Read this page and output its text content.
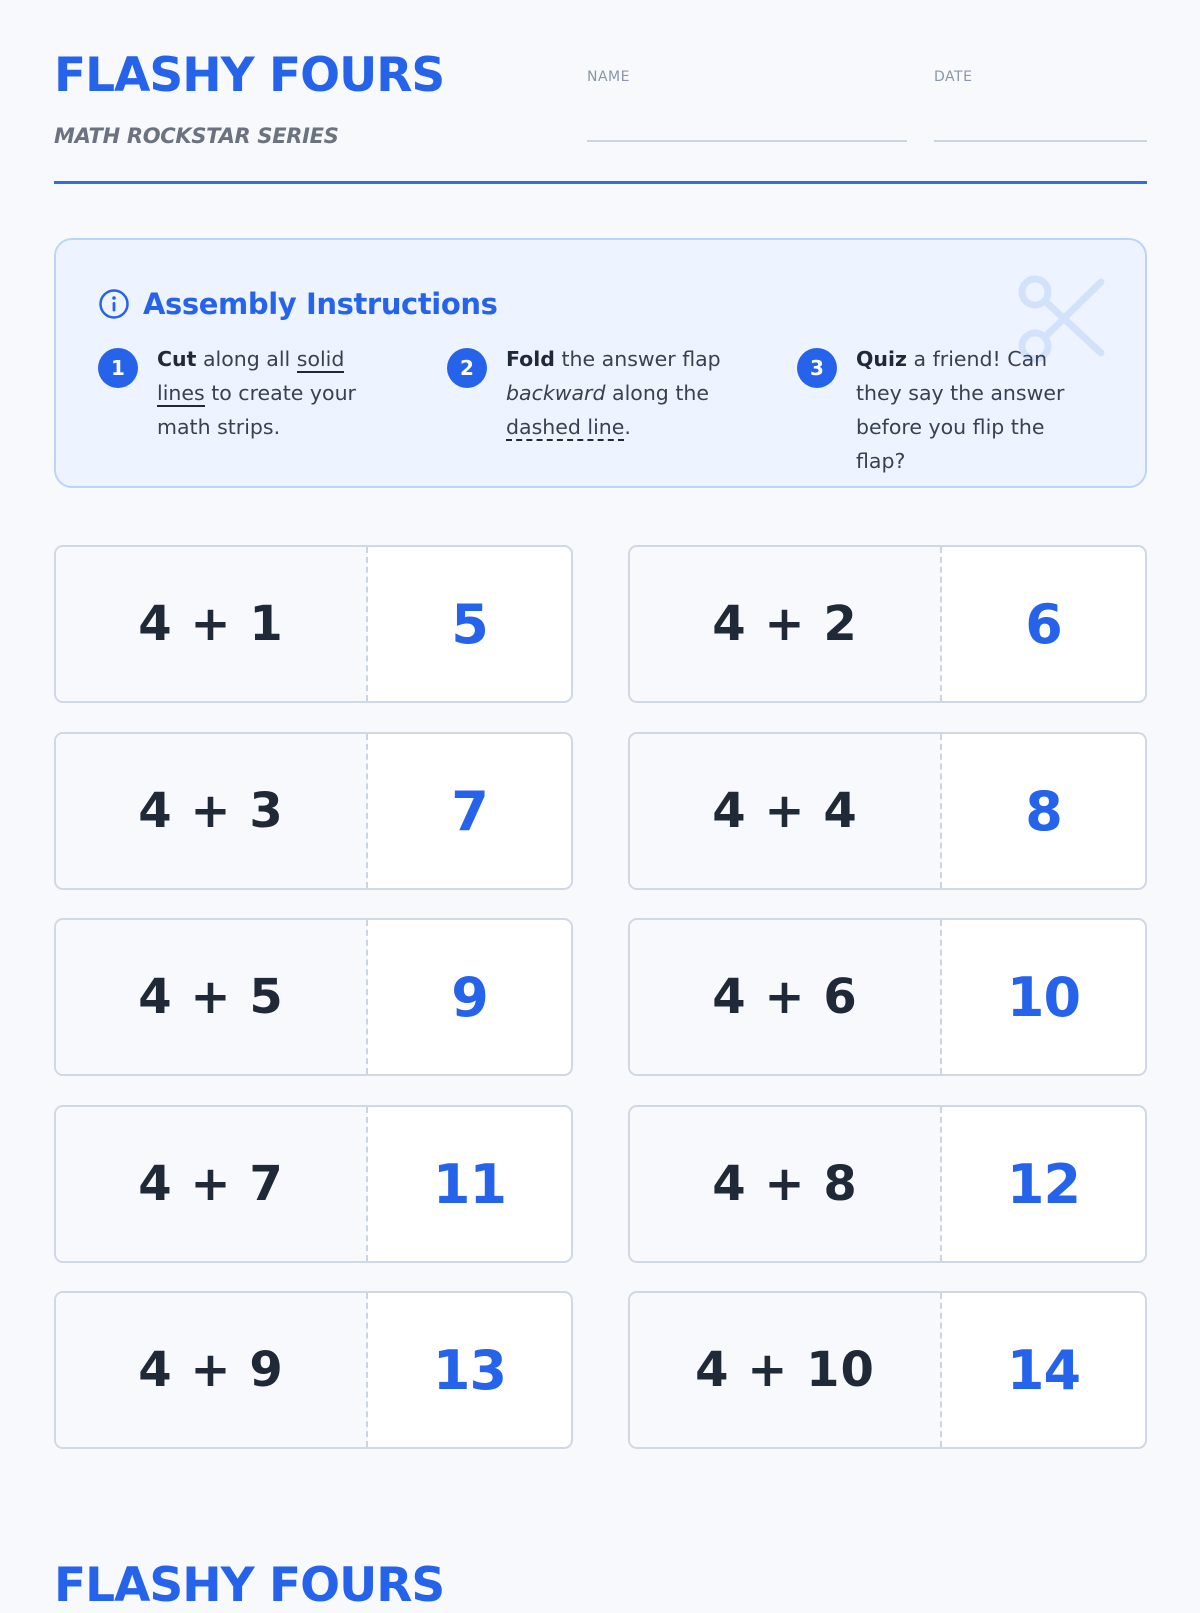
FLASHY FOURS
MATH ROCKSTAR SERIES
NAME	DATE
Assembly Instructions
1	Cut along all solid lines to create your math strips.
2	Fold the answer flap backward along the dashed line.
3	Quiz a friend! Can they say the answer before you flip the flap?
4 + 1	5	4 + 2	6
4 + 3	7	4 + 4	8
4 + 5	9	4 + 6	10
4 + 7	11	4 + 8	12
4 + 9	13	4 + 10	14
FLASHY FOURS
